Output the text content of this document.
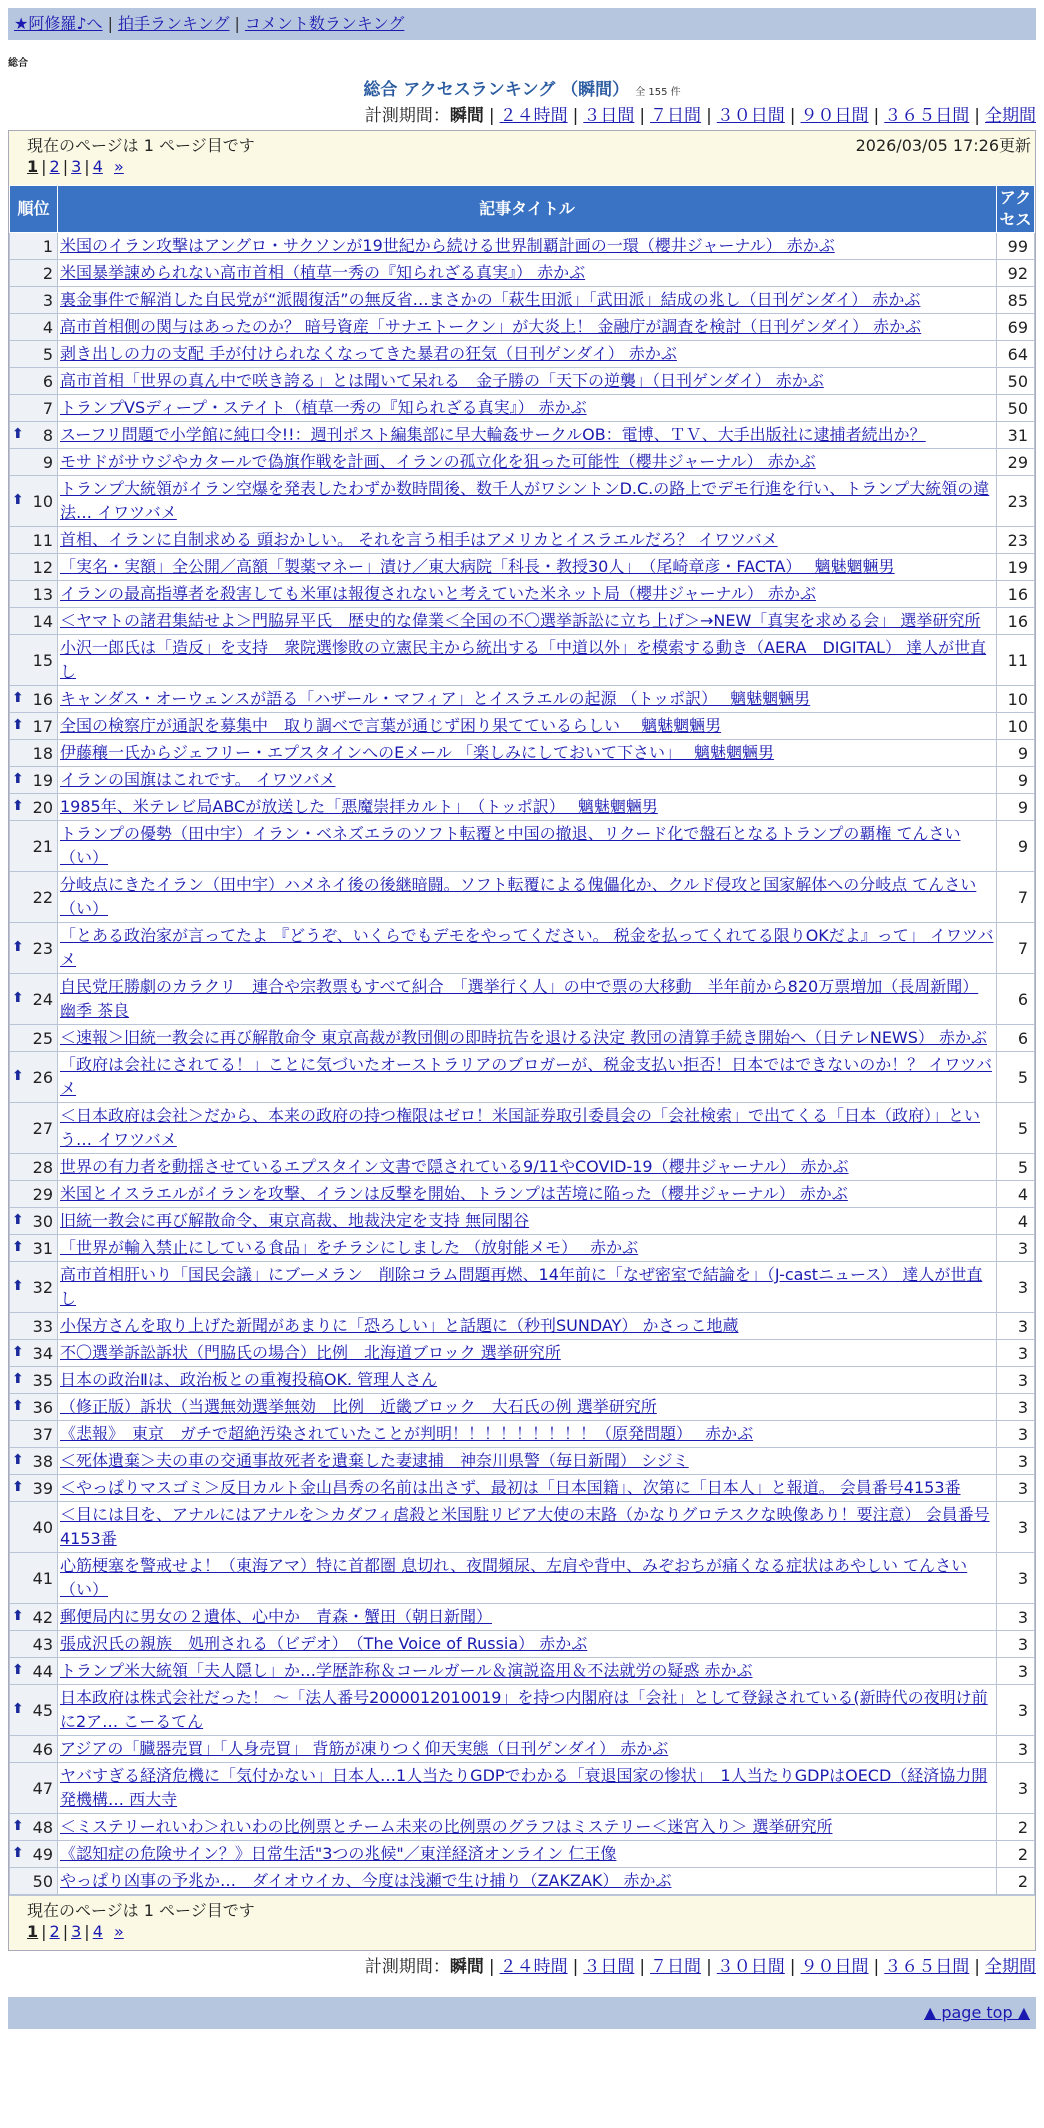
★阿修羅♪へ | 拍手ランキング | コメント数ランキング
総合
総合 アクセスランキング （瞬間） 全 155 件
計測期間：瞬間 | ２４時間 | ３日間 | ７日間 | ３０日間 | ９０日間 | ３６５日間 | 全期間
現在のページは 1 ページ目です	2026/03/05 17:26更新
1 | 2 | 3 | 4 »
順位	記事タイトル	アクセス
1	米国のイラン攻撃はアングロ・サクソンが19世紀から続ける世界制覇計画の一環（櫻井ジャーナル） 赤かぶ	99
2	米国暴挙諌められない高市首相（植草一秀の『知られざる真実』） 赤かぶ	92
3	裏金事件で解消した自民党が“派閥復活”の無反省…まさかの「萩生田派」「武田派」結成の兆し（日刊ゲンダイ） 赤かぶ	85
4	高市首相側の関与はあったのか？ 暗号資産「サナエトークン」が大炎上！ 金融庁が調査を検討（日刊ゲンダイ） 赤かぶ	69
5	剥き出しの力の支配 手が付けられなくなってきた暴君の狂気（日刊ゲンダイ） 赤かぶ	64
6	高市首相「世界の真ん中で咲き誇る」とは聞いて呆れる　金子勝の「天下の逆襲」（日刊ゲンダイ） 赤かぶ	50
7	トランプVSディープ・ステイト（植草一秀の『知られざる真実』） 赤かぶ	50

⬆ 8	スーフリ問題で小学館に純口令!!：週刊ポスト編集部に早大輪姦サークルOB：電博、ＴＶ、大手出版社に逮捕者続出か？	31
9	モサドがサウジやカタールで偽旗作戦を計画、イランの孤立化を狙った可能性（櫻井ジャーナル） 赤かぶ	29

⬆ 10	トランプ大統領がイラン空爆を発表したわずか数時間後、数千人がワシントンD.C.の路上でデモ行進を行い、トランプ大統領の違法… イワツバメ	23
11	首相、イランに自制求める 頭おかしい。 それを言う相手はアメリカとイスラエルだろ？ イワツバメ	23
12	「実名・実額」全公開／高額「製薬マネー」漬け／東大病院「科長・教授30人」　（尾崎章彦・FACTA）　 魑魅魍魎男	19
13	イランの最高指導者を殺害しても米軍は報復されないと考えていた米ネット局（櫻井ジャーナル） 赤かぶ	16
14	＜ヤマトの諸君集結せよ＞門脇昇平氏　歴史的な偉業＜全国の不〇選挙訴訟に立ち上げ＞→NEW「真実を求める会」 選挙研究所	16
15	小沢一郎氏は「造反」を支持　衆院選惨敗の立憲民主から統出する「中道以外」を模索する動き（AERA　DIGITAL） 達人が世直し	11

⬆ 16	キャンダス・オーウェンスが語る「ハザール・マフィア」とイスラエルの起源 （トッポ訳）　 魑魅魍魎男	10

⬆ 17	全国の検察庁が通訳を募集中　取り調べで言葉が通じず困り果てているらしい　 魑魅魍魎男	10
18	伊藤穰一氏からジェフリー・エプスタインへのEメール 「楽しみにしておいて下さい」　 魑魅魍魎男	9

⬆ 19	イランの国旗はこれです。 イワツバメ	9

⬆ 20	1985年、米テレビ局ABCが放送した「悪魔崇拝カルト」　（トッポ訳）　 魑魅魍魎男	9
21	トランプの優勢（田中宇）イラン・ベネズエラのソフト転覆と中国の撤退、リクード化で盤石となるトランプの覇権 てんさい（い）	9
22	分岐点にきたイラン（田中宇）ハメネイ後の後継暗闘。ソフト転覆による傀儡化か、クルド侵攻と国家解体への分岐点 てんさい（い）	7

⬆ 23	「とある政治家が言ってたよ 『どうぞ、いくらでもデモをやってください。 税金を払ってくれてる限りOKだよ』って」 イワツバメ	7

⬆ 24	自民党圧勝劇のカラクリ　連合や宗教票もすべて糾合　「選挙行く人」の中で票の大移動　半年前から820万票増加（長周新聞） 幽季 茶良	6
25	＜速報＞旧統一教会に再び解散命令 東京高裁が教団側の即時抗告を退ける決定 教団の清算手続き開始へ（日テレNEWS） 赤かぶ	6

⬆ 26	「政府は会社にされてる！」ことに気づいたオーストラリアのブロガーが、税金支払い拒否！日本ではできないのか！？ イワツバメ	5
27	＜日本政府は会社＞だから、本来の政府の持つ権限はゼロ！米国証券取引委員会の「会社検索」で出てくる「日本（政府）」という… イワツバメ	5
28	世界の有力者を動揺させているエプスタイン文書で隠されている9/11やCOVID-19（櫻井ジャーナル） 赤かぶ	5
29	米国とイスラエルがイランを攻撃、イランは反撃を開始、トランプは苦境に陥った（櫻井ジャーナル） 赤かぶ	4

⬆ 30	旧統一教会に再び解散命令、東京高裁、地裁決定を支持 無同閣谷	4

⬆ 31	「世界が輸入禁止にしている食品」をチラシにしました （放射能メモ）　 赤かぶ	3

⬆ 32	高市首相肝いり「国民会議」にブーメラン　削除コラム問題再燃、14年前に「なぜ密室で結論を」（J-castニュース） 達人が世直し	3
33	小保方さんを取り上げた新聞があまりに「恐ろしい」と話題に（秒刊SUNDAY） かさっこ地蔵	3

⬆ 34	不〇選挙訴訟訴状（門脇氏の場合）比例　北海道ブロック 選挙研究所	3

⬆ 35	日本の政治Ⅱは、政治板との重複投稿OK. 管理人さん	3

⬆ 36	（修正版）訴状（当選無効選挙無効　比例　近畿ブロック　大石氏の例 選挙研究所	3
37	《悲報》　東京　ガチで超絶汚染されていたことが判明！！！！！！！！！（原発問題）　 赤かぶ	3

⬆ 38	＜死体遺棄＞夫の車の交通事故死者を遺棄した妻逮捕　神奈川県警（毎日新聞） シジミ	3

⬆ 39	＜やっぱりマスゴミ＞反日カルト金山昌秀の名前は出さず、最初は「日本国籍」、次第に「日本人」と報道。 会員番号4153番	3
40	＜目には目を、アナルにはアナルを＞カダフィ虐殺と米国駐リビア大使の末路（かなりグロテスクな映像あり！要注意） 会員番号4153番	3
41	心筋梗塞を警戒せよ！（東海アマ）特に首都圏 息切れ、夜間頻尿、左肩や背中、みぞおちが痛くなる症状はあやしい てんさい（い）	3

⬆ 42	郵便局内に男女の２遺体、心中か　青森・蟹田（朝日新聞）	3
43	張成沢氏の親族　処刑される（ビデオ）　（The Voice of Russia） 赤かぶ	3

⬆ 44	トランプ米大統領「夫人隠し」か…学歴詐称＆コールガール＆演説盗用＆不法就労の疑惑 赤かぶ	3

⬆ 45	日本政府は株式会社だった！ ～「法人番号2000012010019」を持つ内閣府は「会社」として登録されている(新時代の夜明け前に2ア… こーるてん	3
46	アジアの「臓器売買」「人身売買」 背筋が凍りつく仰天実態（日刊ゲンダイ） 赤かぶ	3
47	ヤバすぎる経済危機に「気付かない」日本人…1人当たりGDPでわかる「衰退国家の惨状」　1人当たりGDPはOECD（経済協力開発機構… 西大寺	3

⬆ 48	＜ミステリーれいわ＞れいわの比例票とチーム未来の比例票のグラフはミステリー＜迷宮入り＞ 選挙研究所	2

⬆ 49	《認知症の危険サイン？》日常生活"3つの兆候"／東洋経済オンライン 仁王像	2
50	やっぱり凶事の予兆か…　ダイオウイカ、今度は浅瀬で生け捕り（ZAKZAK） 赤かぶ	2
現在のページは 1 ページ目です
1 | 2 | 3 | 4 »
計測期間：瞬間 | ２４時間 | ３日間 | ７日間 | ３０日間 | ９０日間 | ３６５日間 | 全期間
▲ page top ▲
